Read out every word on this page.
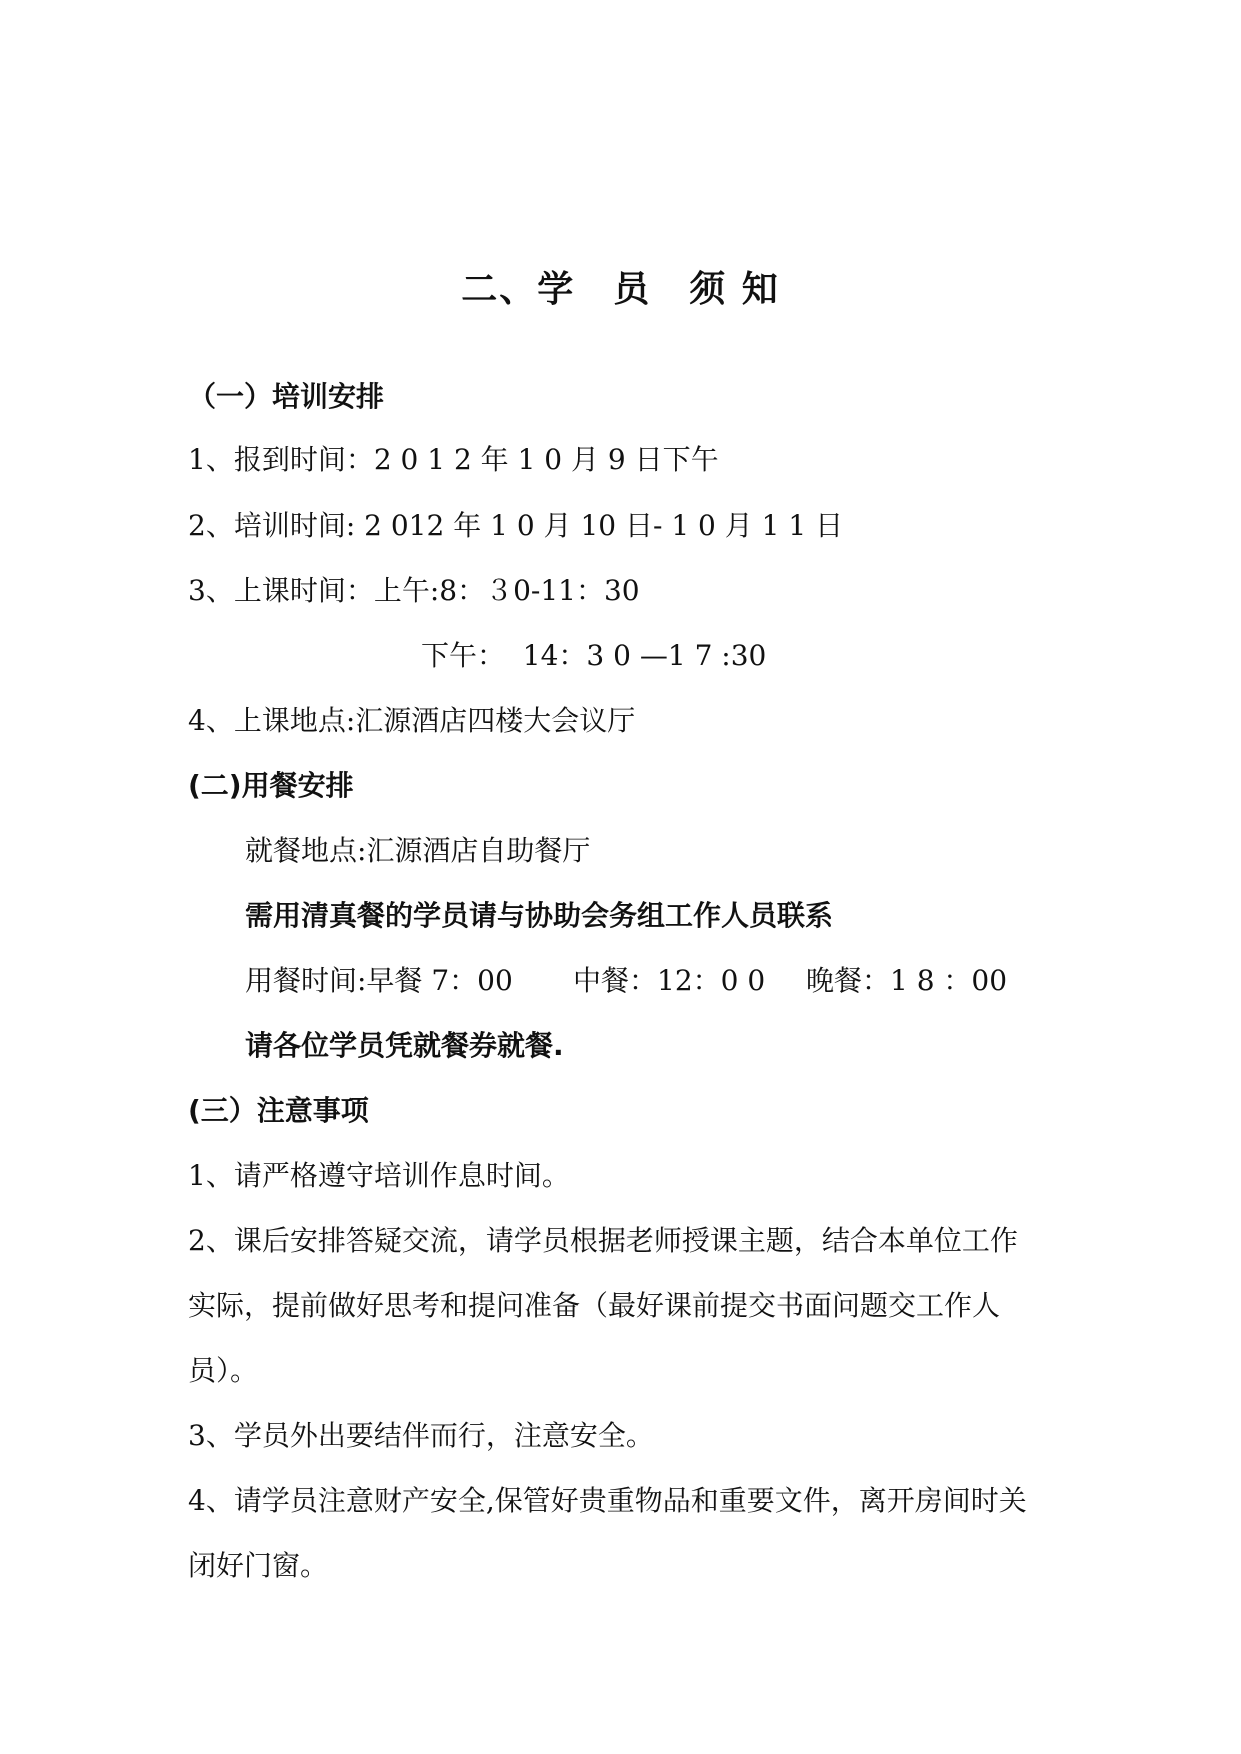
二、学　员　须 知
（一）培训安排
1、报到时间：2 0 1 2 年 1 0 月 9 日下午
2、培训时间: 2 012 年 1 0 月 10 日- 1 0 月 1 1 日
3、上课时间：上午:8：３0-11：30
下午：  14：3 0 —1 7 :30
4、上课地点:汇源酒店四楼大会议厅
(二)用餐安排
就餐地点:汇源酒店自助餐厅
需用清真餐的学员请与协助会务组工作人员联系
用餐时间:早餐 7：00 中餐：12：0 0 晚餐：1 8 ：00
请各位学员凭就餐券就餐.
(三）注意事项
1、请严格遵守培训作息时间。
2、课后安排答疑交流，请学员根据老师授课主题，结合本单位工作
实际，提前做好思考和提问准备（最好课前提交书面问题交工作人
员）。
3、学员外出要结伴而行，注意安全。
4、请学员注意财产安全,保管好贵重物品和重要文件，离开房间时关
闭好门窗。
